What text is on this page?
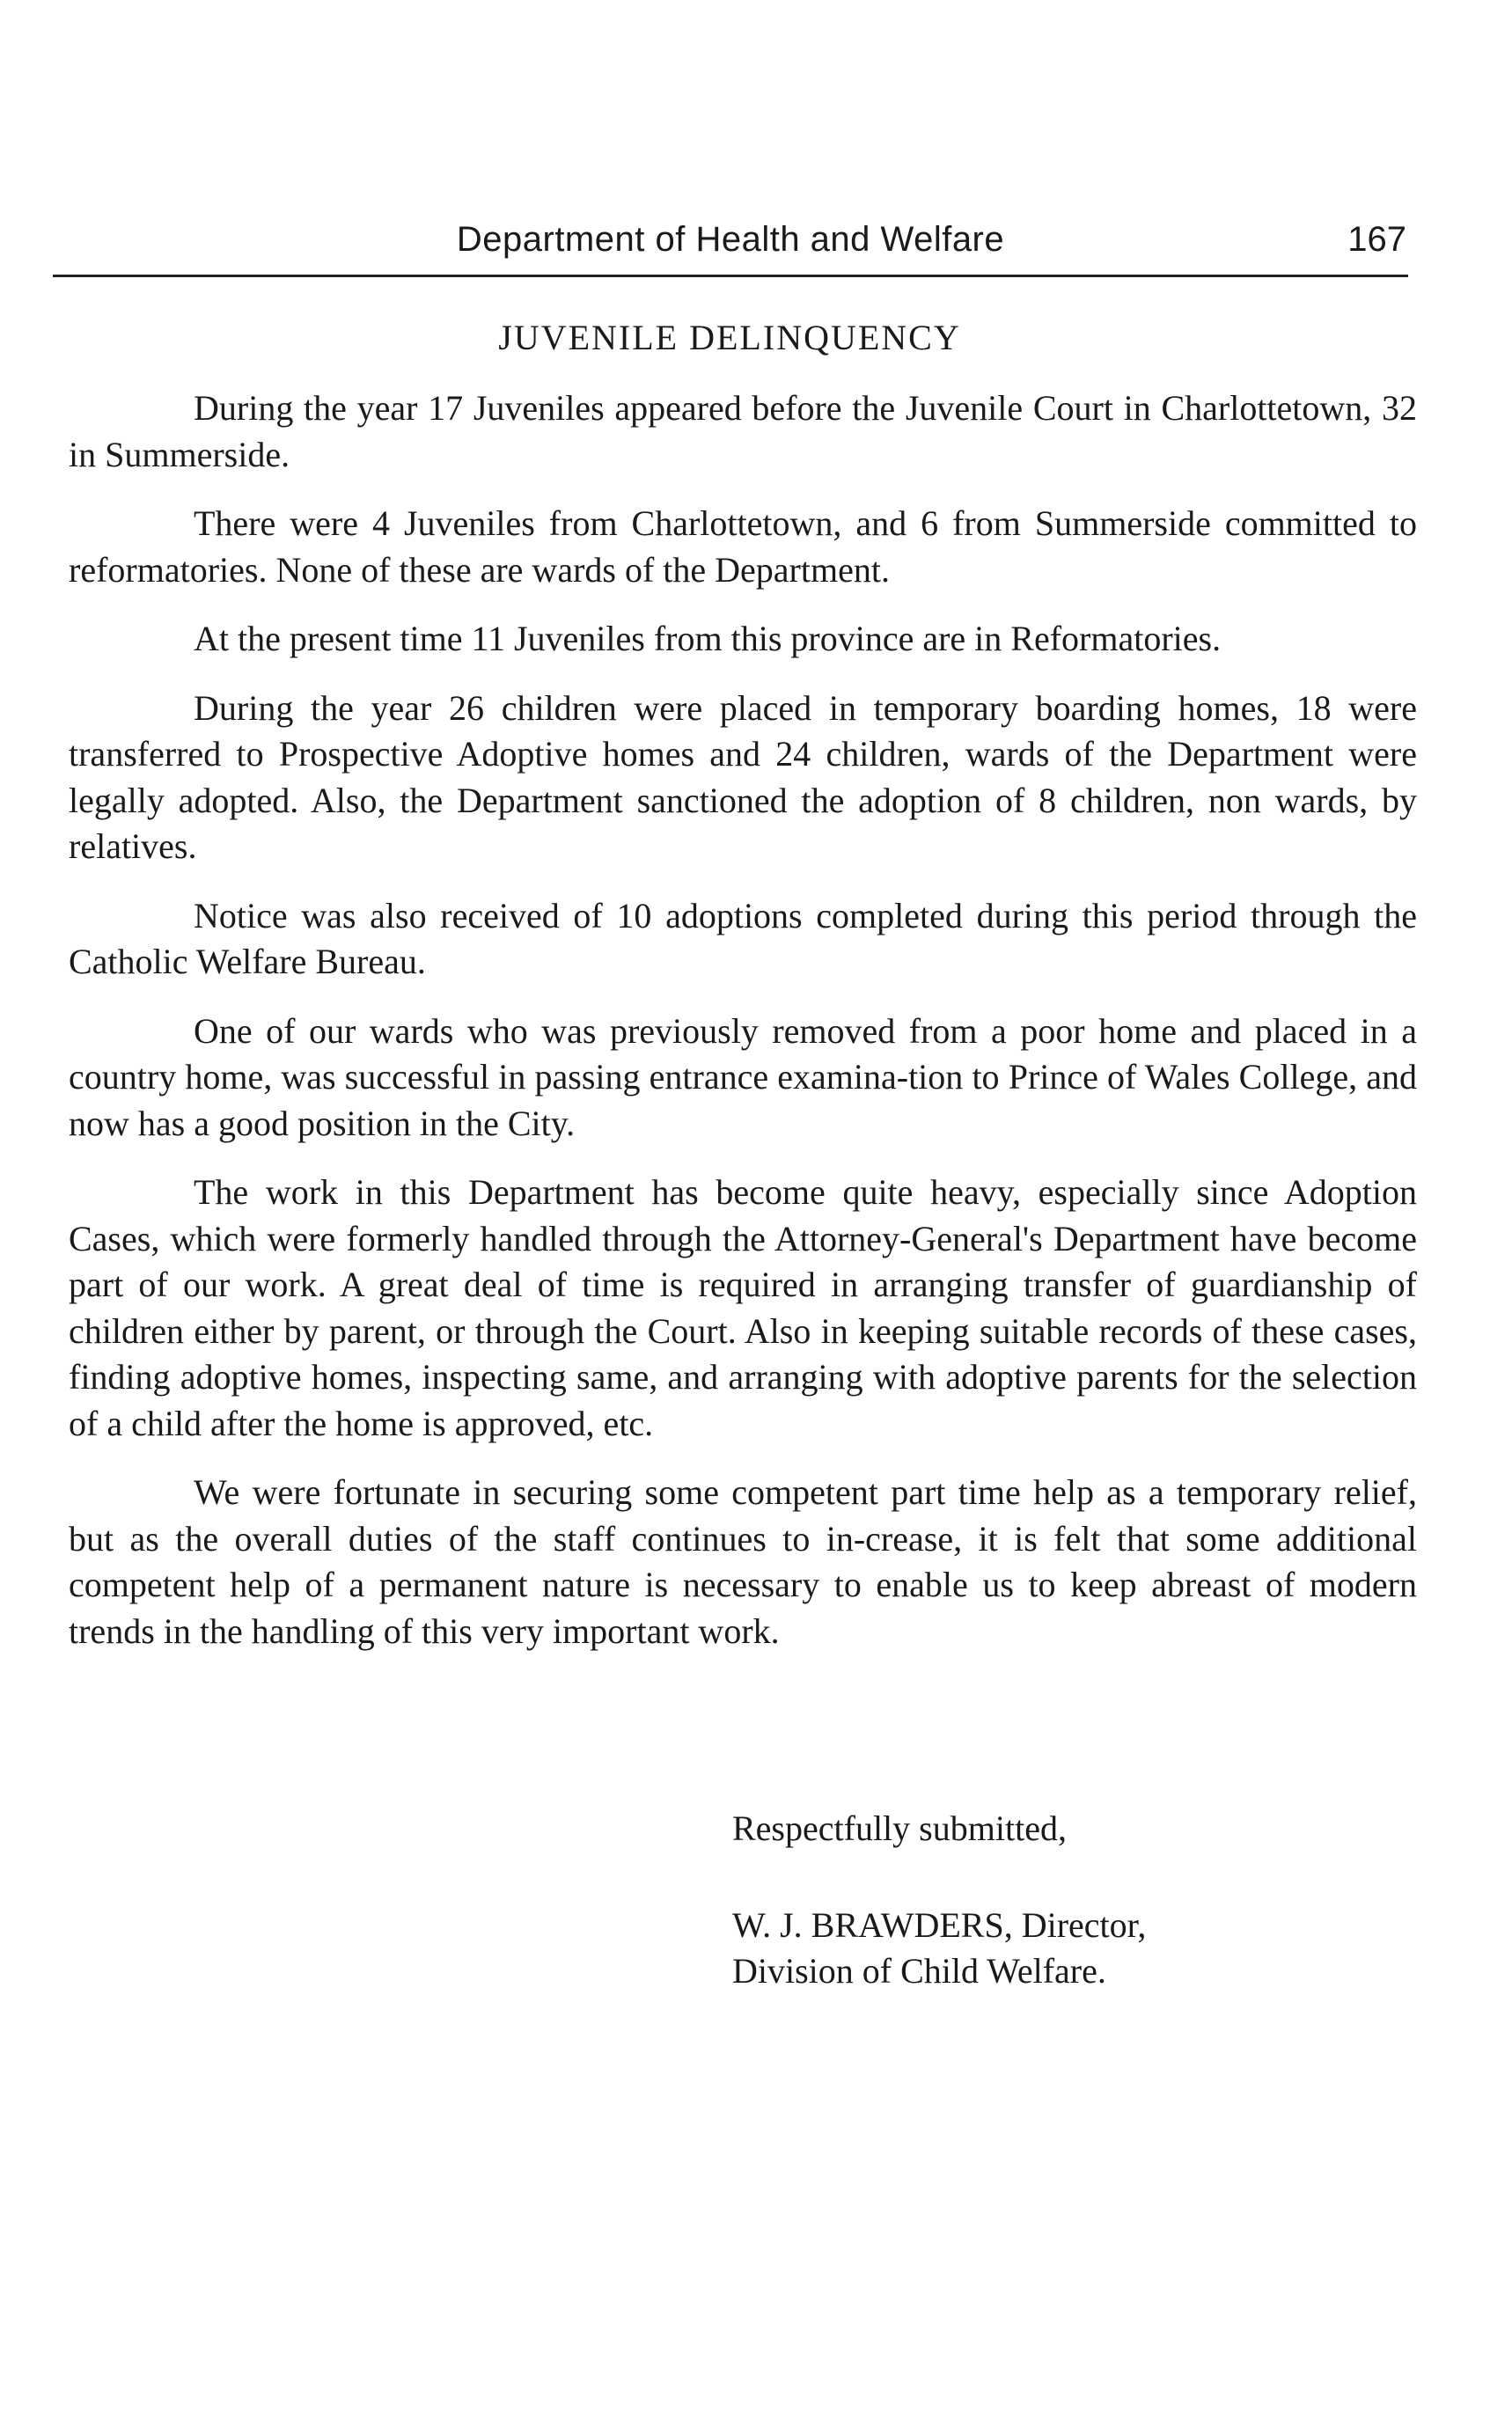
Department of Health and Welfare	167
JUVENILE DELINQUENCY

During the year 17 Juveniles appeared before the Juvenile Court in Charlottetown, 32 in Summerside.

There were 4 Juveniles from Charlottetown, and 6 from Summerside committed to reformatories. None of these are wards of the Department.

At the present time 11 Juveniles from this province are in Reformatories.

During the year 26 children were placed in temporary boarding homes, 18 were transferred to Prospective Adoptive homes and 24 children, wards of the Department were legally adopted. Also, the Department sanctioned the adoption of 8 children, non wards, by relatives.

Notice was also received of 10 adoptions completed during this period through the Catholic Welfare Bureau.

One of our wards who was previously removed from a poor home and placed in a country home, was successful in passing entrance examina-tion to Prince of Wales College, and now has a good position in the City.

The work in this Department has become quite heavy, especially since Adoption Cases, which were formerly handled through the Attorney-General's Department have become part of our work. A great deal of time is required in arranging transfer of guardianship of children either by parent, or through the Court. Also in keeping suitable records of these cases, finding adoptive homes, inspecting same, and arranging with adoptive parents for the selection of a child after the home is approved, etc.

We were fortunate in securing some competent part time help as a temporary relief, but as the overall duties of the staff continues to in-crease, it is felt that some additional competent help of a permanent nature is necessary to enable us to keep abreast of modern trends in the handling of this very important work.

Respectfully submitted,
W. J. BRAWDERS, Director,
Division of Child Welfare.
